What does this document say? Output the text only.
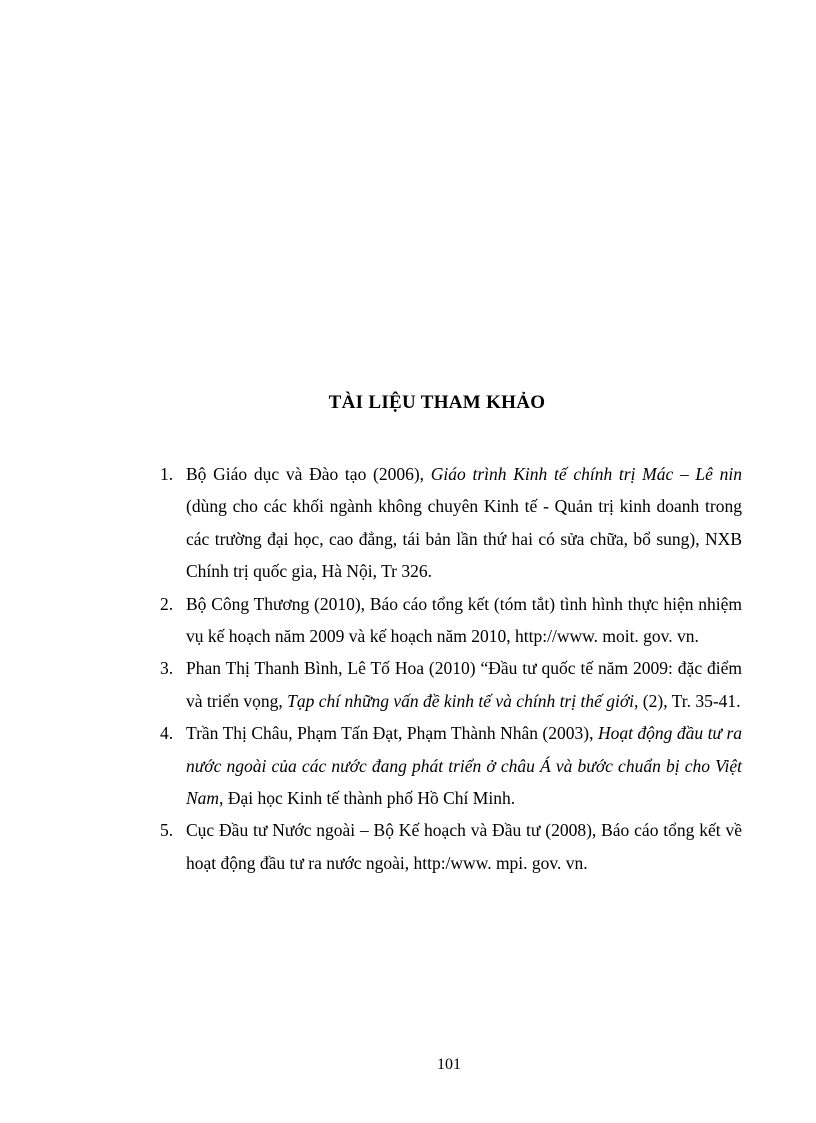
TÀI LIỆU THAM KHẢO
1. Bộ Giáo dục và Đào tạo (2006), Giáo trình Kinh tế chính trị Mác – Lê nin (dùng cho các khối ngành không chuyên Kinh tế - Quản trị kinh doanh trong các trường đại học, cao đẳng, tái bản lần thứ hai có sửa chữa, bổ sung), NXB Chính trị quốc gia, Hà Nội, Tr 326.
2. Bộ Công Thương (2010), Báo cáo tổng kết (tóm tắt) tình hình thực hiện nhiệm vụ kế hoạch năm 2009 và kế hoạch năm 2010, http://www. moit. gov. vn.
3. Phan Thị Thanh Bình, Lê Tố Hoa (2010) “Đầu tư quốc tế năm 2009: đặc điểm và triển vọng, Tạp chí những vấn đề kinh tế và chính trị thế giới, (2), Tr. 35-41.
4. Trần Thị Châu, Phạm Tấn Đạt, Phạm Thành Nhân (2003), Hoạt động đầu tư ra nước ngoài của các nước đang phát triển ở châu Á và bước chuẩn bị cho Việt Nam, Đại học Kinh tế thành phố Hồ Chí Minh.
5. Cục Đầu tư Nước ngoài – Bộ Kế hoạch và Đầu tư (2008), Báo cáo tổng kết về hoạt động đầu tư ra nước ngoài, http:/www. mpi. gov. vn.
101
